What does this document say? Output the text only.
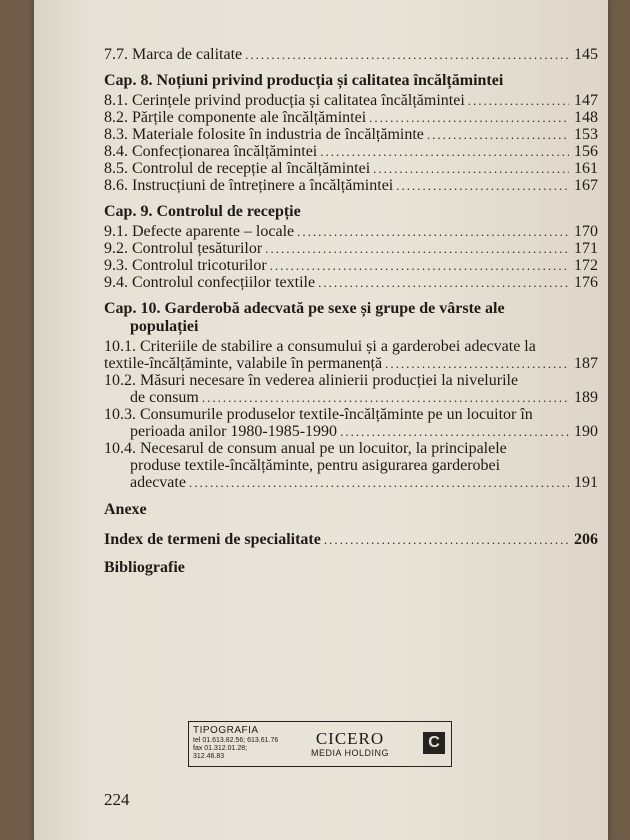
7.7. Marca de calitate .....	145
Cap. 8. Noțiuni privind producția și calitatea încălțămintei
8.1. Cerințele privind producția și calitatea încălțămintei .....	147
8.2. Părțile componente ale încălțămintei .....	148
8.3. Materiale folosite în industria de încălțăminte .....	153
8.4. Confecționarea încălțămintei .....	156
8.5. Controlul de recepție al încălțămintei .....	161
8.6. Instrucțiuni de întreținere a încălțămintei .....	167
Cap. 9. Controlul de recepție
9.1. Defecte aparente – locale .....	170
9.2. Controlul țesăturilor .....	171
9.3. Controlul tricoturilor .....	172
9.4. Controlul confecțiilor textile .....	176
Cap. 10. Garderobă adecvată pe sexe și grupe de vârste ale
populației
10.1. Criteriile de stabilire a consumului și a garderobei adecvate la
textile-încălțăminte, valabile în permanență .....	187
10.2. Măsuri necesare în vederea alinierii producției la nivelurile
de consum .....	189
10.3. Consumurile produselor textile-încălțăminte pe un locuitor în
perioada anilor 1980-1985-1990 .....	190
10.4. Necesarul de consum anual pe un locuitor, la principalele
produse textile-încălțăminte, pentru asigurarea garderobei
adecvate .....	191
Anexe
Index de termeni de specialitate .....	206
Bibliografie
TIPOGRAFIA
tel 01.613.82.56; 613.61.76
fax 01.312.01.28; 312.46.83
CICERO
MEDIA HOLDING
C
224
